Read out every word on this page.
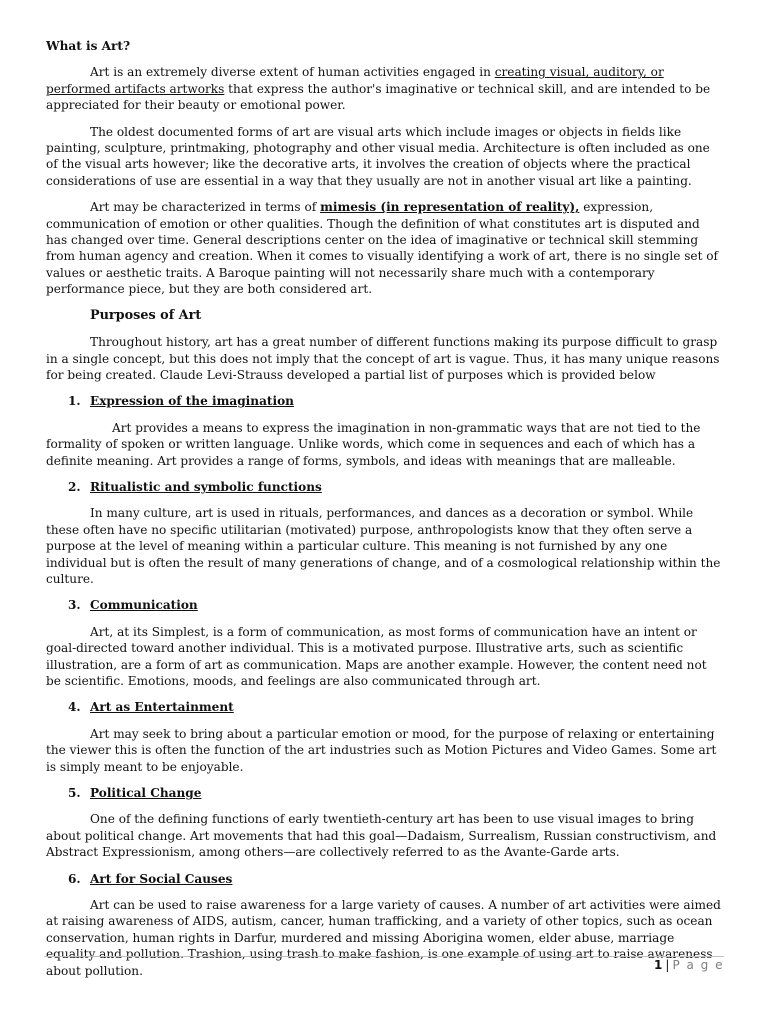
What is Art?

Art is an extremely diverse extent of human activities engaged in creating visual, auditory, or performed artifacts artworks that express the author's imaginative or technical skill, and are intended to be appreciated for their beauty or emotional power.

The oldest documented forms of art are visual arts which include images or objects in fields like painting, sculpture, printmaking, photography and other visual media. Architecture is often included as one of the visual arts however; like the decorative arts, it involves the creation of objects where the practical considerations of use are essential in a way that they usually are not in another visual art like a painting.

Art may be characterized in terms of mimesis (in representation of reality), expression, communication of emotion or other qualities. Though the definition of what constitutes art is disputed and has changed over time. General descriptions center on the idea of imaginative or technical skill stemming from human agency and creation. When it comes to visually identifying a work of art, there is no single set of values or aesthetic traits. A Baroque painting will not necessarily share much with a contemporary performance piece, but they are both considered art.

Purposes of Art

Throughout history, art has a great number of different functions making its purpose difficult to grasp in a single concept, but this does not imply that the concept of art is vague. Thus, it has many unique reasons for being created. Claude Levi-Strauss developed a partial list of purposes which is provided below

1. Expression of the imagination

Art provides a means to express the imagination in non-grammatic ways that are not tied to the formality of spoken or written language. Unlike words, which come in sequences and each of which has a definite meaning. Art provides a range of forms, symbols, and ideas with meanings that are malleable.

2. Ritualistic and symbolic functions

In many culture, art is used in rituals, performances, and dances as a decoration or symbol. While these often have no specific utilitarian (motivated) purpose, anthropologists know that they often serve a purpose at the level of meaning within a particular culture. This meaning is not furnished by any one individual but is often the result of many generations of change, and of a cosmological relationship within the culture.

3. Communication

Art, at its Simplest, is a form of communication, as most forms of communication have an intent or goal-directed toward another individual. This is a motivated purpose. Illustrative arts, such as scientific illustration, are a form of art as communication. Maps are another example. However, the content need not be scientific. Emotions, moods, and feelings are also communicated through art.

4. Art as Entertainment

Art may seek to bring about a particular emotion or mood, for the purpose of relaxing or entertaining the viewer this is often the function of the art industries such as Motion Pictures and Video Games. Some art is simply meant to be enjoyable.

5. Political Change

One of the defining functions of early twentieth-century art has been to use visual images to bring about political change. Art movements that had this goal—Dadaism, Surrealism, Russian constructivism, and Abstract Expressionism, among others—are collectively referred to as the Avante-Garde arts.

6. Art for Social Causes

Art can be used to raise awareness for a large variety of causes. A number of art activities were aimed at raising awareness of AIDS, autism, cancer, human trafficking, and a variety of other topics, such as ocean conservation, human rights in Darfur, murdered and missing Aborigina women, elder abuse, marriage equality and pollution. Trashion, using trash to make fashion, is one example of using art to raise awareness about pollution.	1 | P a g e
